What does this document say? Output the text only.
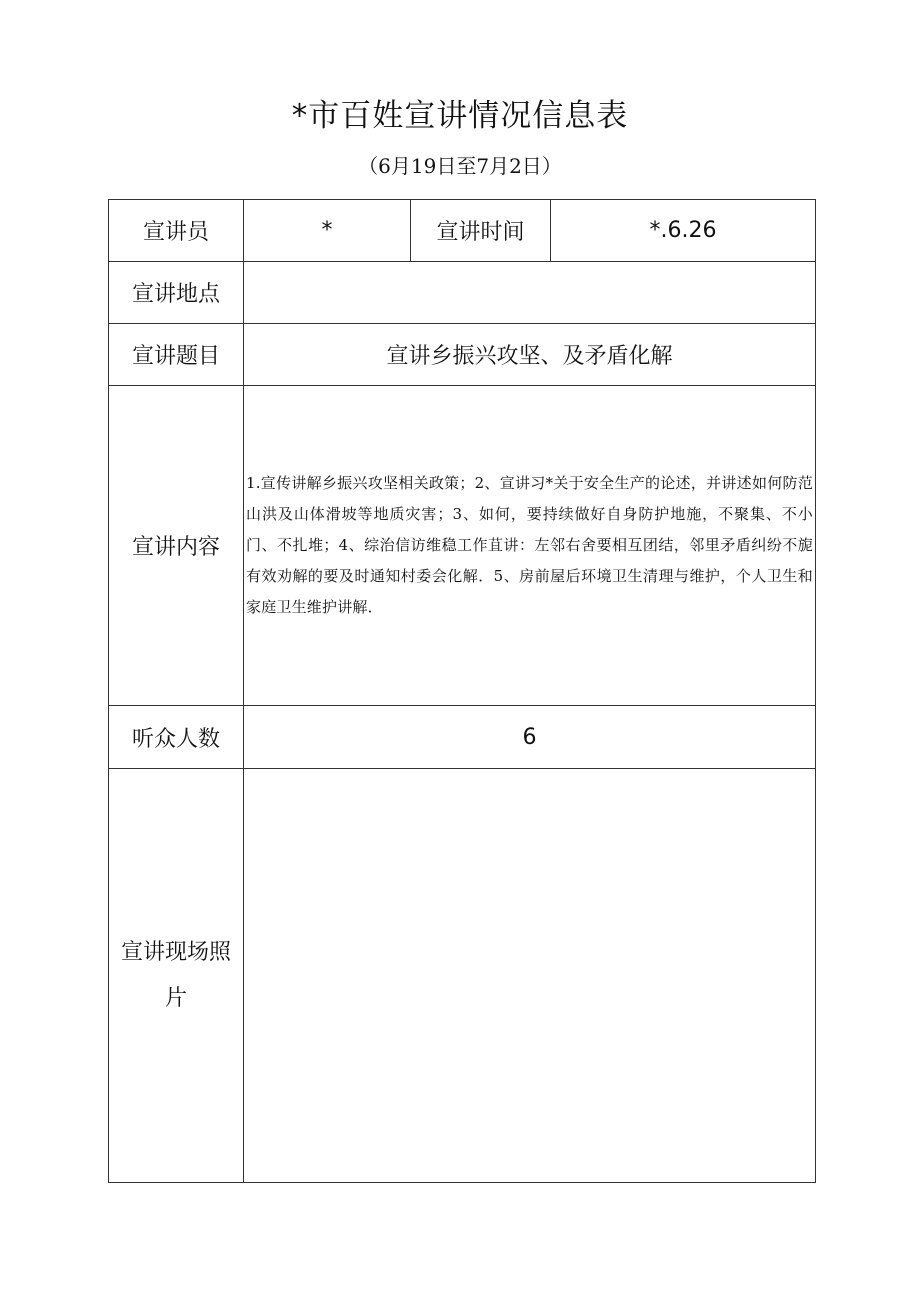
*市百姓宣讲情况信息表
（6月19日至7月2日）
宣讲员	*	宣讲时间	*.6.26
宣讲地点			
宣讲题目	宣讲乡振兴攻坚、及矛盾化解		
宣讲内容	1.宣传讲解乡振兴攻坚相关政策；2、宣讲习*关于安全生产的论述，并讲述如何防范山洪及山体滑坡等地质灾害；3、如何，要持续做好自身防护地施，不聚集、不小门、不扎堆；4、综治信访维稳工作苴讲：左邻右舍要相互团结，邻里矛盾纠纷不旎有效劝解的要及时通知村委会化解．5、房前屋后环境卫生清理与维护，个人卫生和家庭卫生维护讲解．		
听众人数	6		
宣讲现场照片			
